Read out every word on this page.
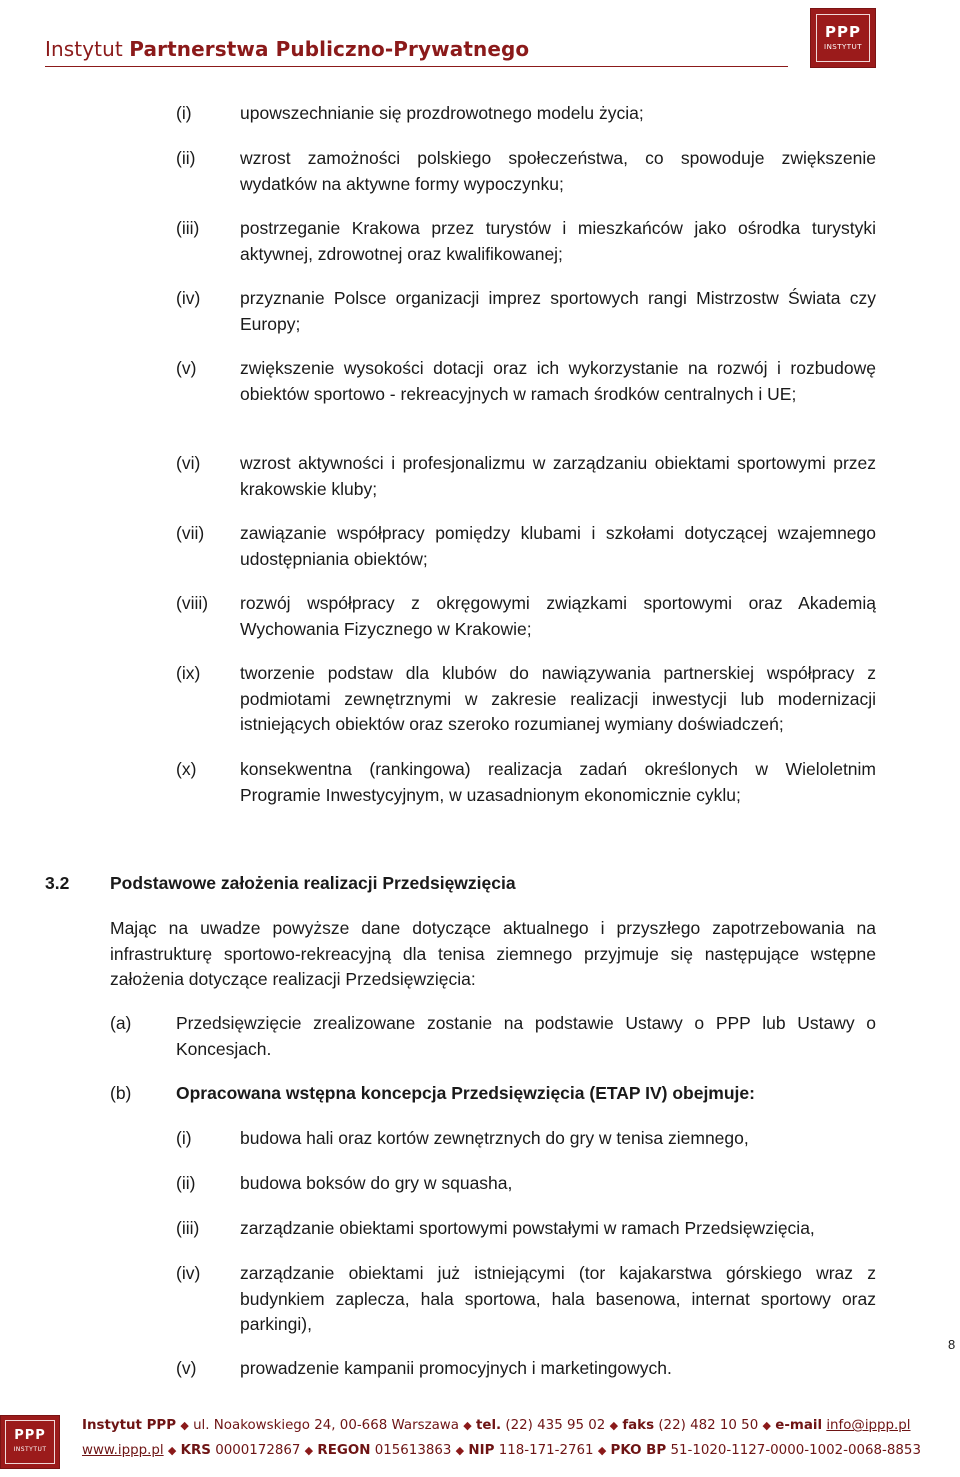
Instytut Partnerstwa Publiczno-Prywatnego
PPP
INSTYTUT
(i)	upowszechnianie się prozdrowotnego modelu życia;
(ii)	wzrost zamożności polskiego społeczeństwa, co spowoduje zwiększenie wydatków na aktywne formy wypoczynku;
(iii) postrzeganie Krakowa przez turystów i mieszkańców jako ośrodka turystyki aktywnej, zdrowotnej oraz kwalifikowanej;
(iv) przyznanie Polsce organizacji imprez sportowych rangi Mistrzostw Świata czy Europy;
(v) zwiększenie wysokości dotacji oraz ich wykorzystanie na rozwój i rozbudowę obiektów sportowo - rekreacyjnych w ramach środków centralnych i UE;
(vi) wzrost aktywności i profesjonalizmu w zarządzaniu obiektami sportowymi przez krakowskie kluby;
(vii) zawiązanie współpracy pomiędzy klubami i szkołami dotyczącej wzajemnego udostępniania obiektów;
(viii) rozwój współpracy z okręgowymi związkami sportowymi oraz Akademią Wychowania Fizycznego w Krakowie;
(ix) tworzenie podstaw dla klubów do nawiązywania partnerskiej współpracy z podmiotami zewnętrznymi w zakresie realizacji inwestycji lub modernizacji istniejących obiektów oraz szeroko rozumianej wymiany doświadczeń;
(x) konsekwentna (rankingowa) realizacja zadań określonych w Wieloletnim Programie Inwestycyjnym, w uzasadnionym ekonomicznie cyklu;
3.2 Podstawowe założenia realizacji Przedsięwzięcia
Mając na uwadze powyższe dane dotyczące aktualnego i przyszłego zapotrzebowania na infrastrukturę sportowo-rekreacyjną dla tenisa ziemnego przyjmuje się następujące wstępne założenia dotyczące realizacji Przedsięwzięcia:
(a)	Przedsięwzięcie zrealizowane zostanie na podstawie Ustawy o PPP lub Ustawy o Koncesjach.
(b)	Opracowana wstępna koncepcja Przedsięwzięcia (ETAP IV) obejmuje:
(i)	budowa hali oraz kortów zewnętrznych do gry w tenisa ziemnego,
(ii)	budowa boksów do gry w squasha,
(iii) zarządzanie obiektami sportowymi powstałymi w ramach Przedsięwzięcia,
(iv) zarządzanie obiektami już istniejącymi (tor kajakarstwa górskiego wraz z budynkiem zaplecza, hala sportowa, hala basenowa, internat sportowy oraz parkingi),
(v) prowadzenie kampanii promocyjnych i marketingowych.
8
PPP
INSTYTUT
Instytut PPP ◆ ul. Noakowskiego 24, 00-668 Warszawa ◆ tel. (22) 435 95 02 ◆ faks (22) 482 10 50 ◆ e-mail info@ippp.pl
www.ippp.pl ◆ KRS 0000172867 ◆ REGON 015613863 ◆ NIP 118-171-2761 ◆ PKO BP 51-1020-1127-0000-1002-0068-8853
